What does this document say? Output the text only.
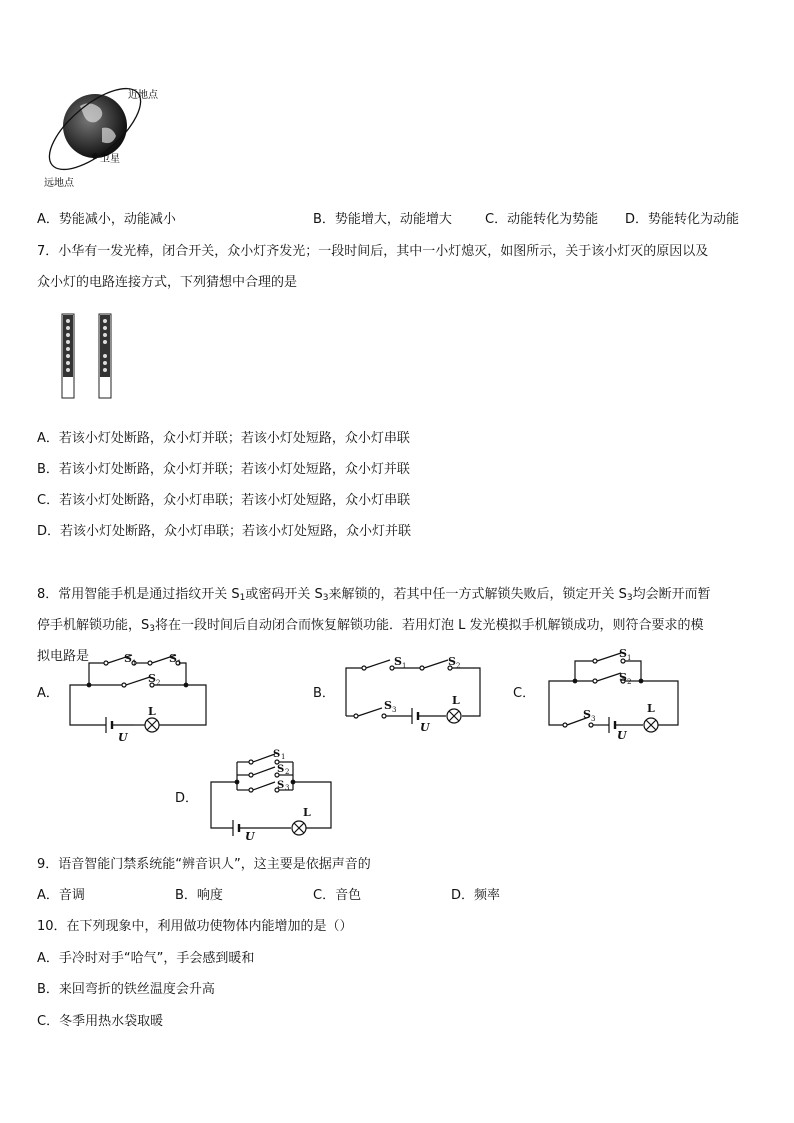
近地点
卫星
远地点
A．势能减小，动能减小	B．势能增大，动能增大	C．动能转化为势能 D．势能转化为动能
7．小华有一发光棒，闭合开关，众小灯齐发光；一段时间后，其中一小灯熄灭，如图所示，关于该小灯灭的原因以及
众小灯的电路连接方式，下列猜想中合理的是
A．若该小灯处断路，众小灯并联；若该小灯处短路，众小灯串联
B．若该小灯处断路，众小灯并联；若该小灯处短路，众小灯并联
C．若该小灯处断路，众小灯串联；若该小灯处短路，众小灯串联
D．若该小灯处断路，众小灯串联；若该小灯处短路，众小灯并联
8．常用智能手机是通过指纹开关 $S_1$或密码开关 $S_3$来解锁的，若其中任一方式解锁失败后，锁定开关 $S_3$均会断开而暂
停手机解锁功能，$S_3$将在一段时间后自动闭合而恢复解锁功能．若用灯泡 L 发光模拟手机解锁成功，则符合要求的模
拟电路是
A．	B．	C．
D．
S 1	S 1
S 2
L
U
S 1	S 2
S 3
L
U
S 1
S 2
S 3
L
U
S 1
S 2
S 3
L
U
9．语音智能门禁系统能“辨音识人”，这主要是依据声音的
A．音调	B．响度	C．音色	D．频率
10．在下列现象中，利用做功使物体内能增加的是（）
A．手冷时对手“哈气”，手会感到暖和
B．来回弯折的铁丝温度会升高
C．冬季用热水袋取暖
